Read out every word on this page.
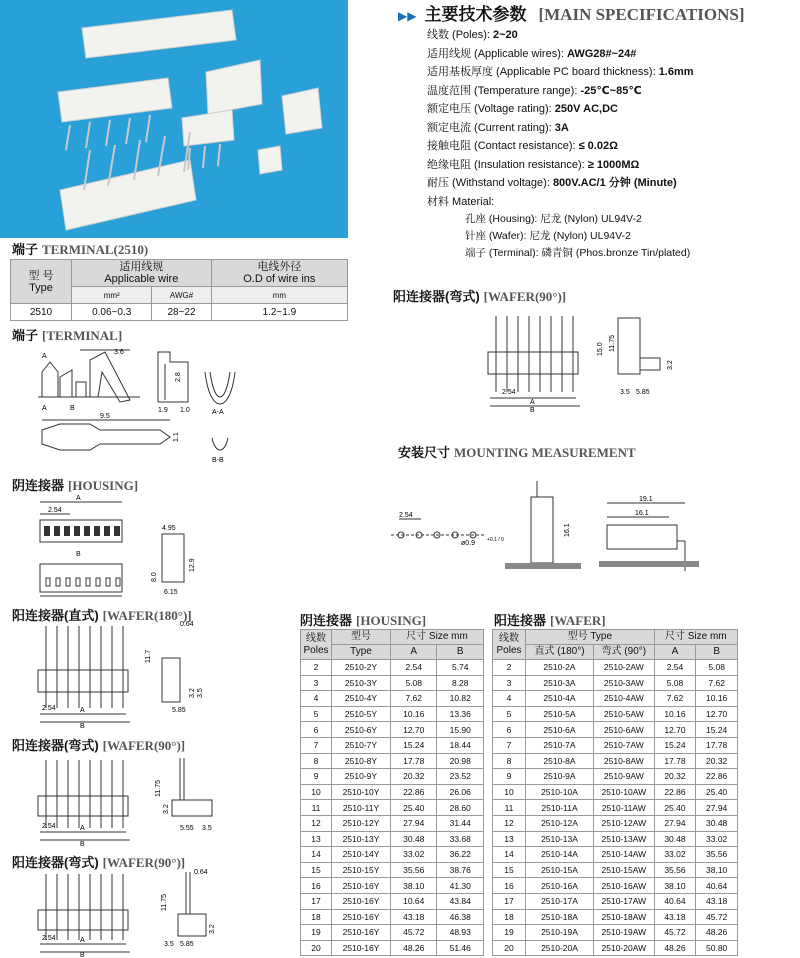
▶▶ 主要技术参数 [MAIN SPECIFICATIONS]
线数 (Poles): 2~20
适用线规 (Applicable wires): AWG28#~24#
适用基板厚度 (Applicable PC board thickness): 1.6mm
温度范围 (Temperature range): -25℃~85℃
额定电压 (Voltage rating): 250V AC,DC
额定电流 (Current rating): 3A
接触电阻 (Contact resistance): ≤ 0.02Ω
绝缘电阻 (Insulation resistance): ≥ 1000MΩ
耐压 (Withstand voltage): 800V.AC/1 分钟 (Minute)
材料 Material:
孔座 (Housing): 尼龙 (Nylon) UL94V-2
针座 (Wafer): 尼龙 (Nylon) UL94V-2
端子 (Terminal): 磷青铜 (Phos.bronze Tin/plated)
端子 TERMINAL(2510)
型 号
Type	适用线规
Applicable wire		电线外径
O.D of wire ins
	mm²	AWG#	mm
2510	0.06~0.3	28~22	1.2~1.9
端子 [TERMINAL]
A
A	B
3.6
2.8
1.9 1.0	A-A
9.5
1.1
B-B
阴连接器 [HOUSING]
A
2.54
B
4.95
12.9
8.0
6.15
阳连接器(直式) [WAFER(180°)]
0.64
11.7
3.5
3.2
2.54	A
B
5.85
阳连接器(弯式) [WAFER(90°)]
11.75
3.2
2.54	A
B
5.55 3.5
阳连接器(弯式) [WAFER(90°)]
0.64
11.75
3.2
2.54	A
B
3.5 5.85
阳连接器(弯式) [WAFER(90°)]
15.0 11.75
3.2
2.54
A
B
3.5 5.85
安装尺寸 MOUNTING MEASUREMENT
2.54
ø0.9 +0.1 / 0
16.1
19.1
16.1
阴连接器 [HOUSING]
线数
Poles	型号	尺寸 Size mm	
	Type	A	B
2	2510-2Y	2.54	5.74
3	2510-3Y	5.08	8.28
4	2510-4Y	7.62	10.82
5	2510-5Y	10.16	13.36
6	2510-6Y	12.70	15.90
7	2510-7Y	15.24	18.44
8	2510-8Y	17.78	20.98
9	2510-9Y	20.32	23.52
10	2510-10Y	22.86	26.06
11	2510-11Y	25.40	28.60
12	2510-12Y	27.94	31.44
13	2510-13Y	30.48	33.68
14	2510-14Y	33.02	36.22
15	2510-15Y	35.56	38.76
16	2510-16Y	38.10	41.30
17	2510-16Y	10.64	43.84
18	2510-16Y	43.18	46.38
19	2510-16Y	45.72	48.93
20	2510-16Y	48.26	51.46
阳连接器 [WAFER]
线数
Poles	型号 Type		尺寸 Size mm	
	直式 (180°)	弯式 (90°)	A	B
2	2510-2A	2510-2AW	2.54	5.08
3	2510-3A	2510-3AW	5.08	7.62
4	2510-4A	2510-4AW	7.62	10.16
5	2510-5A	2510-5AW	10.16	12.70
6	2510-6A	2510-6AW	12.70	15.24
7	2510-7A	2510-7AW	15.24	17.78
8	2510-8A	2510-8AW	17.78	20.32
9	2510-9A	2510-9AW	20.32	22.86
10	2510-10A	2510-10AW	22.86	25.40
11	2510-11A	2510-11AW	25.40	27.94
12	2510-12A	2510-12AW	27.94	30.48
13	2510-13A	2510-13AW	30.48	33.02
14	2510-14A	2510-14AW	33.02	35.56
15	2510-15A	2510-15AW	35.56	38.10
16	2510-16A	2510-16AW	38.10	40.64
17	2510-17A	2510-17AW	40.64	43.18
18	2510-18A	2510-18AW	43.18	45.72
19	2510-19A	2510-19AW	45.72	48.26
20	2510-20A	2510-20AW	48.26	50.80
